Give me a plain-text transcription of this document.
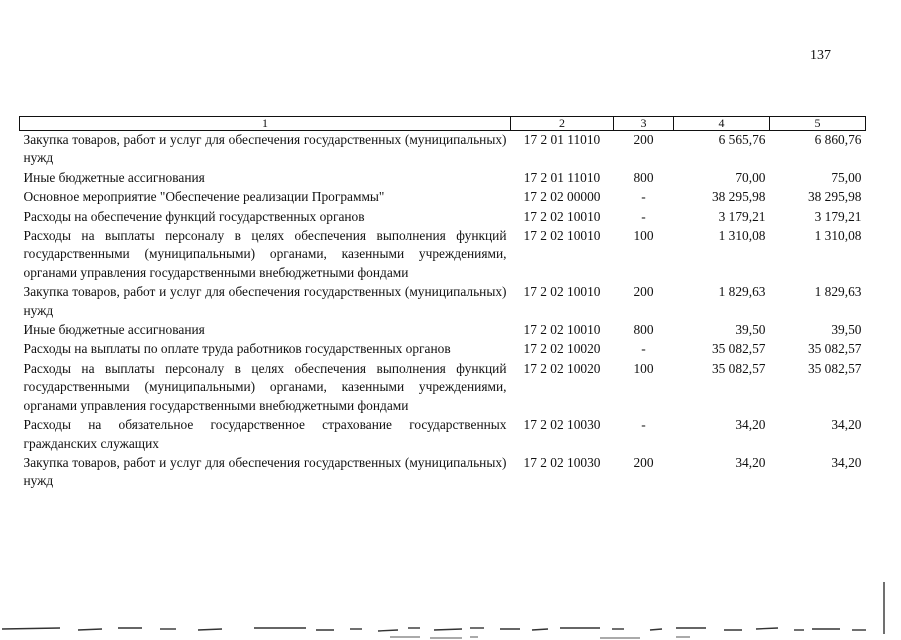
137
1	2	3	4	5
Закупка товаров, работ и услуг для обеспечения государственных (муниципальных) нужд	17 2 01 11010	200	6 565,76	6 860,76
Иные бюджетные ассигнования	17 2 01 11010	800	70,00	75,00
Основное мероприятие "Обеспечение реализации Программы"	17 2 02 00000	-	38 295,98	38 295,98
Расходы на обеспечение функций государственных органов	17 2 02 10010	-	3 179,21	3 179,21
Расходы на выплаты персоналу в целях обеспечения выполнения функций государственными (муниципальными) органами, казенными учреждениями, органами управления государственными внебюджетными фондами	17 2 02 10010	100	1 310,08	1 310,08
Закупка товаров, работ и услуг для обеспечения государственных (муниципальных) нужд	17 2 02 10010	200	1 829,63	1 829,63
Иные бюджетные ассигнования	17 2 02 10010	800	39,50	39,50
Расходы на выплаты по оплате труда работников государственных органов	17 2 02 10020	-	35 082,57	35 082,57
Расходы на выплаты персоналу в целях обеспечения выполнения функций государственными (муниципальными) органами, казенными учреждениями, органами управления государственными внебюджетными фондами	17 2 02 10020	100	35 082,57	35 082,57
Расходы на обязательное государственное страхование государственных гражданских служащих	17 2 02 10030	-	34,20	34,20
Закупка товаров, работ и услуг для обеспечения государственных (муниципальных) нужд	17 2 02 10030	200	34,20	34,20
